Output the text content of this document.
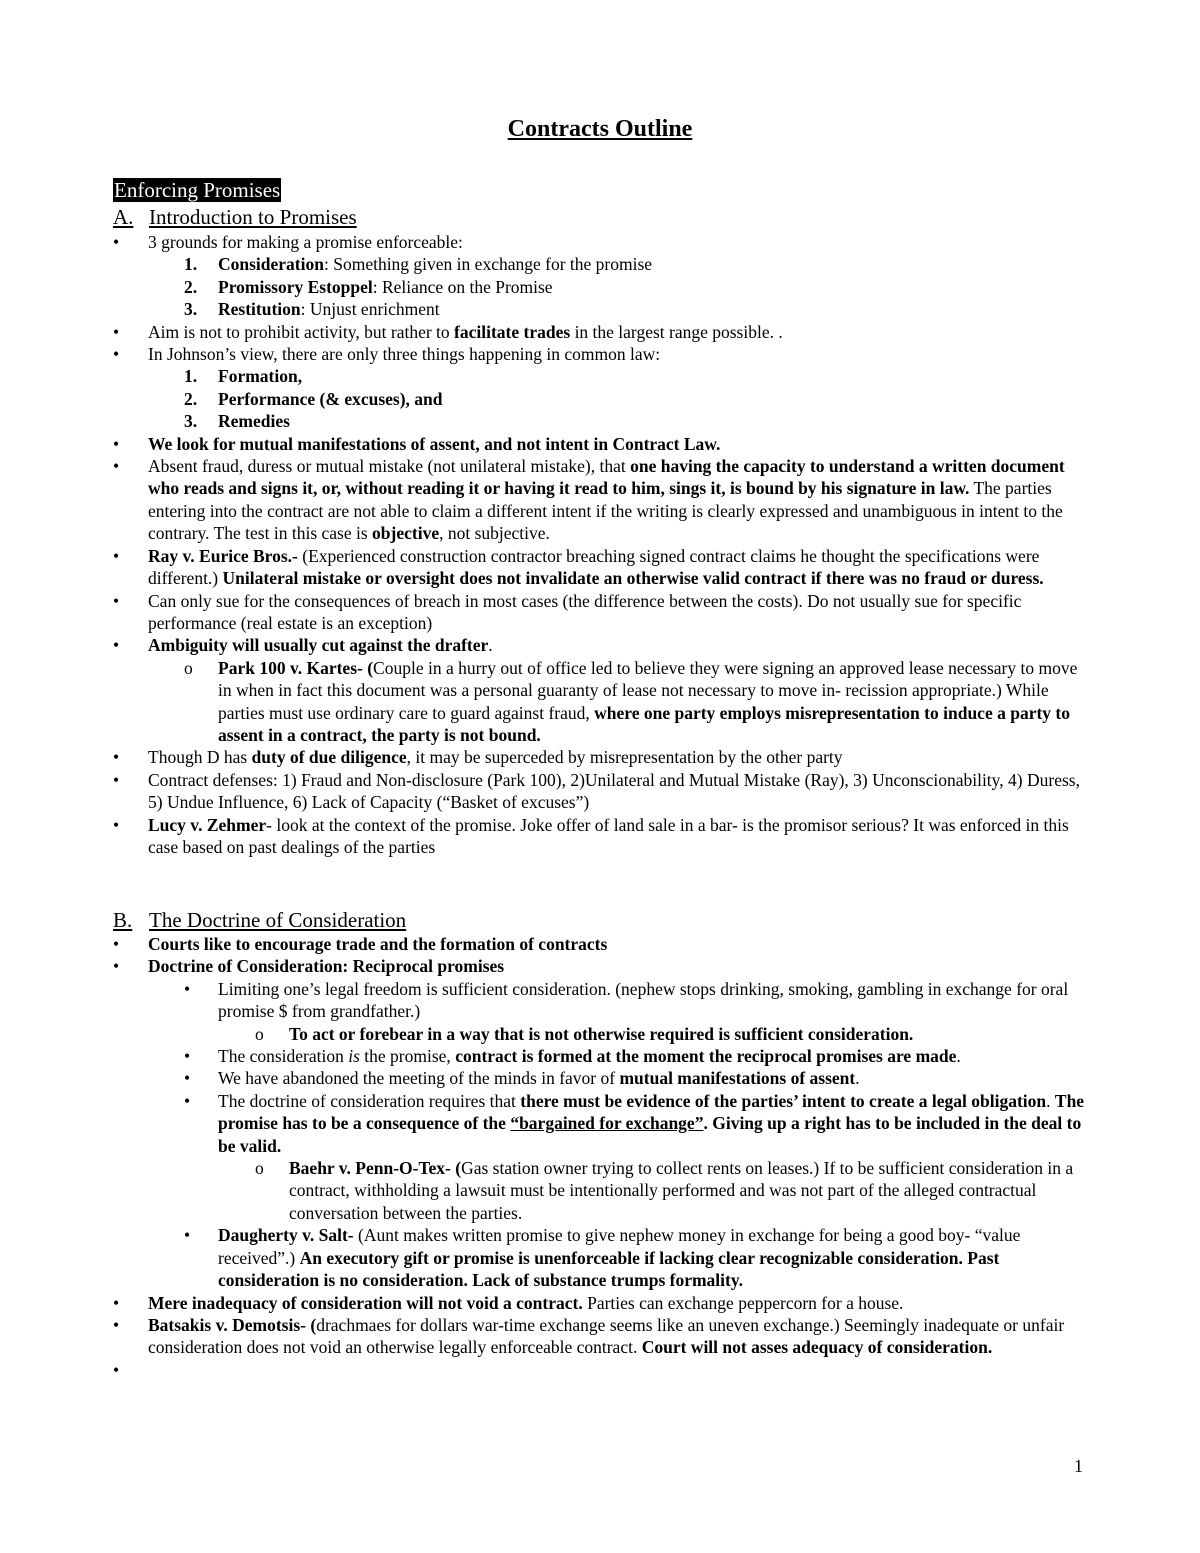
Contracts Outline
Enforcing Promises
A. Introduction to Promises
• 3 grounds for making a promise enforceable:
1. Consideration: Something given in exchange for the promise
2. Promissory Estoppel: Reliance on the Promise
3. Restitution: Unjust enrichment
• Aim is not to prohibit activity, but rather to facilitate trades in the largest range possible. .
• In Johnson’s view, there are only three things happening in common law:
1. Formation,
2. Performance (& excuses), and
3. Remedies
• We look for mutual manifestations of assent, and not intent in Contract Law.
• Absent fraud, duress or mutual mistake (not unilateral mistake), that one having the capacity to understand a written document who reads and signs it, or, without reading it or having it read to him, sings it, is bound by his signature in law. The parties entering into the contract are not able to claim a different intent if the writing is clearly expressed and unambiguous in intent to the contrary. The test in this case is objective, not subjective.
• Ray v. Eurice Bros.- (Experienced construction contractor breaching signed contract claims he thought the specifications were different.) Unilateral mistake or oversight does not invalidate an otherwise valid contract if there was no fraud or duress.
• Can only sue for the consequences of breach in most cases (the difference between the costs). Do not usually sue for specific performance (real estate is an exception)
• Ambiguity will usually cut against the drafter.
o Park 100 v. Kartes- (Couple in a hurry out of office led to believe they were signing an approved lease necessary to move in when in fact this document was a personal guaranty of lease not necessary to move in- recission appropriate.) While parties must use ordinary care to guard against fraud, where one party employs misrepresentation to induce a party to assent in a contract, the party is not bound.
• Though D has duty of due diligence, it may be superceded by misrepresentation by the other party
• Contract defenses: 1) Fraud and Non-disclosure (Park 100), 2)Unilateral and Mutual Mistake (Ray), 3) Unconscionability, 4) Duress, 5) Undue Influence, 6) Lack of Capacity (“Basket of excuses”)
• Lucy v. Zehmer- look at the context of the promise. Joke offer of land sale in a bar- is the promisor serious? It was enforced in this case based on past dealings of the parties
B. The Doctrine of Consideration
• Courts like to encourage trade and the formation of contracts
• Doctrine of Consideration: Reciprocal promises
• Limiting one’s legal freedom is sufficient consideration. (nephew stops drinking, smoking, gambling in exchange for oral promise $ from grandfather.)
o To act or forebear in a way that is not otherwise required is sufficient consideration.
• The consideration is the promise, contract is formed at the moment the reciprocal promises are made.
• We have abandoned the meeting of the minds in favor of mutual manifestations of assent.
• The doctrine of consideration requires that there must be evidence of the parties’ intent to create a legal obligation. The promise has to be a consequence of the “bargained for exchange”. Giving up a right has to be included in the deal to be valid.
o Baehr v. Penn-O-Tex- (Gas station owner trying to collect rents on leases.) If to be sufficient consideration in a contract, withholding a lawsuit must be intentionally performed and was not part of the alleged contractual conversation between the parties.
• Daugherty v. Salt- (Aunt makes written promise to give nephew money in exchange for being a good boy- “value received”.) An executory gift or promise is unenforceable if lacking clear recognizable consideration. Past consideration is no consideration. Lack of substance trumps formality.
• Mere inadequacy of consideration will not void a contract. Parties can exchange peppercorn for a house.
• Batsakis v. Demotsis- (drachmaes for dollars war-time exchange seems like an uneven exchange.) Seemingly inadequate or unfair consideration does not void an otherwise legally enforceable contract. Court will not asses adequacy of consideration.
•
1
